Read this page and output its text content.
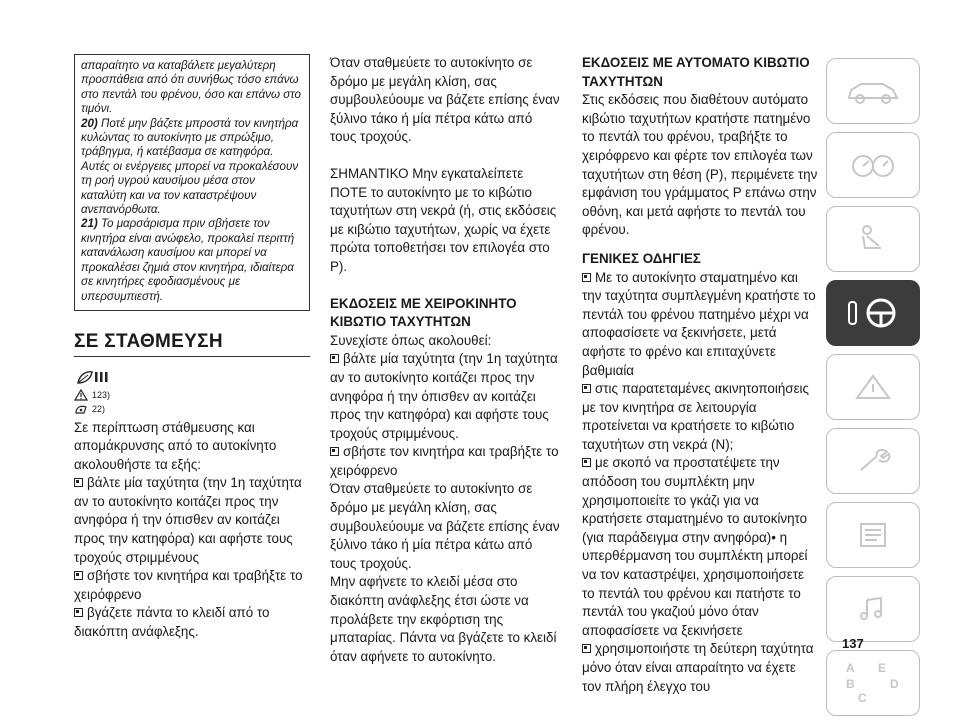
απαραίτητο να καταβάλετε μεγαλύτερη προσπάθεια από ότι συνήθως τόσο επάνω στο πεντάλ του φρένου, όσο και επάνω στο τιμόνι.

20) Ποτέ μην βάζετε μπροστά τον κινητήρα κυλώντας το αυτοκίνητο με σπρώξιμο, τράβηγμα, ή κατέβασμα σε κατηφόρα. Αυτές οι ενέργειες μπορεί να προκαλέσουν τη ροή υγρού καυσίμου μέσα στον καταλύτη και να τον καταστρέψουν ανεπανόρθωτα.

21) Το μαρσάρισμα πριν σβήσετε τον κινητήρα είναι ανώφελο, προκαλεί περιττή κατανάλωση καυσίμου και μπορεί να προκαλέσει ζημιά στον κινητήρα, ιδιαίτερα σε κινητήρες εφοδιασμένους με υπερσυμπιεστή.

ΣΕ ΣΤΑΘΜΕΥΣΗ
123)
22)

Σε περίπτωση στάθμευσης και απομάκρυνσης από το αυτοκίνητο ακολουθήστε τα εξής:

βάλτε μία ταχύτητα (την 1η ταχύτητα αν το αυτοκίνητο κοιτάζει προς την ανηφόρα ή την όπισθεν αν κοιτάζει προς την κατηφόρα) και αφήστε τους τροχούς στριμμένους

σβήστε τον κινητήρα και τραβήξτε το χειρόφρενο

βγάζετε πάντα το κλειδί από το διακόπτη ανάφλεξης.

Όταν σταθμεύετε το αυτοκίνητο σε δρόμο με μεγάλη κλίση, σας συμβουλεύουμε να βάζετε επίσης έναν ξύλινο τάκο ή μία πέτρα κάτω από τους τροχούς.

ΣΗΜΑΝΤΙΚΟ Μην εγκαταλείπετε ΠΟΤΕ το αυτοκίνητο με το κιβώτιο ταχυτήτων στη νεκρά (ή, στις εκδόσεις με κιβώτιο ταχυτήτων, χωρίς να έχετε πρώτα τοποθετήσει τον επιλογέα στο P).

ΕΚΔΟΣΕΙΣ ΜΕ ΧΕΙΡΟΚΙΝΗΤΟ ΚΙΒΩΤΙΟ ΤΑΧΥΤΗΤΩΝ

Συνεχίστε όπως ακολουθεί:

βάλτε μία ταχύτητα (την 1η ταχύτητα αν το αυτοκίνητο κοιτάζει προς την ανηφόρα ή την όπισθεν αν κοιτάζει προς την κατηφόρα) και αφήστε τους τροχούς στριμμένους.

σβήστε τον κινητήρα και τραβήξτε το χειρόφρενο

Όταν σταθμεύετε το αυτοκίνητο σε δρόμο με μεγάλη κλίση, σας συμβουλεύουμε να βάζετε επίσης έναν ξύλινο τάκο ή μία πέτρα κάτω από τους τροχούς.

Μην αφήνετε το κλειδί μέσα στο διακόπτη ανάφλεξης έτσι ώστε να προλάβετε την εκφόρτιση της μπαταρίας. Πάντα να βγάζετε το κλειδί όταν αφήνετε το αυτοκίνητο.

ΕΚΔΟΣΕΙΣ ΜΕ ΑΥΤΟΜΑΤΟ ΚΙΒΩΤΙΟ ΤΑΧΥΤΗΤΩΝ

Στις εκδόσεις που διαθέτουν αυτόματο κιβώτιο ταχυτήτων κρατήστε πατημένο το πεντάλ του φρένου, τραβήξτε το χειρόφρενο και φέρτε τον επιλογέα των ταχυτήτων στη θέση (P), περιμένετε την εμφάνιση του γράμματος P επάνω στην οθόνη, και μετά αφήστε το πεντάλ του φρένου.

ΓΕΝΙΚΕΣ ΟΔΗΓΙΕΣ

Με το αυτοκίνητο σταματημένο και την ταχύτητα συμπλεγμένη κρατήστε το πεντάλ του φρένου πατημένο μέχρι να αποφασίσετε να ξεκινήσετε, μετά αφήστε το φρένο και επιταχύνετε βαθμιαία

στις παρατεταμένες ακινητοποιήσεις με τον κινητήρα σε λειτουργία προτείνεται να κρατήσετε το κιβώτιο ταχυτήτων στη νεκρά (N);

με σκοπό να προστατέψετε την απόδοση του συμπλέκτη μην χρησιμοποιείτε το γκάζι για να κρατήσετε σταματημένο το αυτοκίνητο (για παράδειγμα στην ανηφόρα)• η υπερθέρμανση του συμπλέκτη μπορεί να τον καταστρέψει, χρησιμοποιήσετε το πεντάλ του φρένου και πατήστε το πεντάλ του γκαζιού μόνο όταν αποφασίσετε να ξεκινήσετε

χρησιμοποιήστε τη δεύτερη ταχύτητα μόνο όταν είναι απαραίτητο να έχετε τον πλήρη έλεγχο του

A E
B	D
C
137
